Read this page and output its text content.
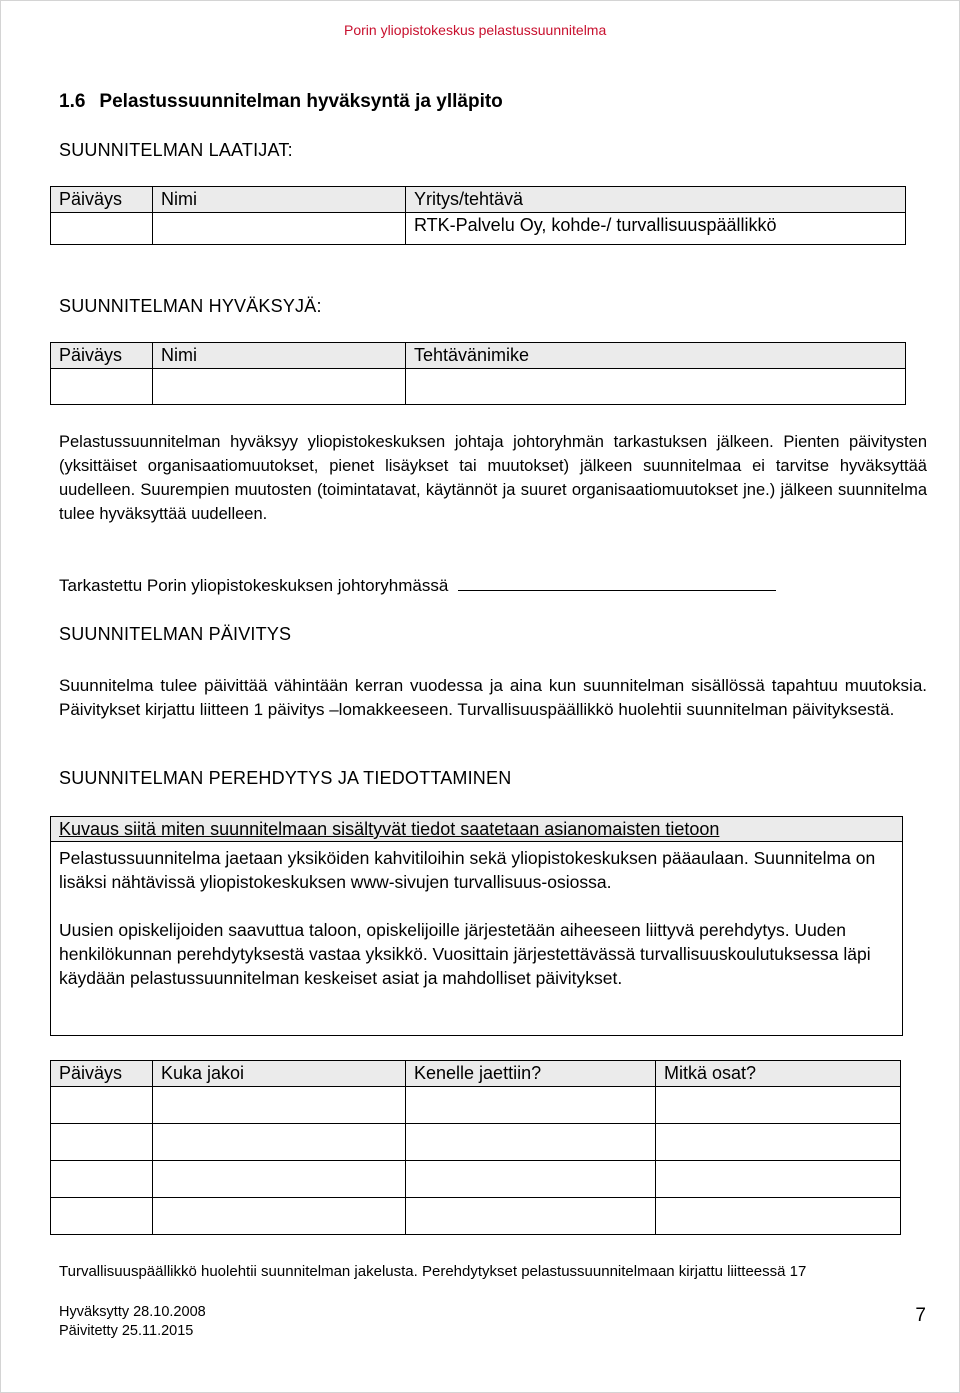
Porin yliopistokeskus pelastussuunnitelma
1.6 Pelastussuunnitelman hyväksyntä ja ylläpito
SUUNNITELMAN LAATIJAT:
Päiväys	Nimi	Yritys/tehtävä
		RTK-Palvelu Oy, kohde-/ turvallisuuspäällikkö
SUUNNITELMAN HYVÄKSYJÄ:
Päiväys	Nimi	Tehtävänimike

Pelastussuunnitelman hyväksyy yliopistokeskuksen johtaja johtoryhmän tarkastuksen jälkeen. Pienten päivitysten (yksittäiset organisaatiomuutokset, pienet lisäykset tai muutokset) jälkeen suunnitelmaa ei tarvitse hyväksyttää uudelleen. Suurempien muutosten (toimintatavat, käytännöt ja suuret organisaatiomuutokset jne.) jälkeen suunnitelma tulee hyväksyttää uudelleen.
Tarkastettu Porin yliopistokeskuksen johtoryhmässä
SUUNNITELMAN PÄIVITYS
Suunnitelma tulee päivittää vähintään kerran vuodessa ja aina kun suunnitelman sisällössä tapahtuu muutoksia. Päivitykset kirjattu liitteen 1 päivitys –lomakkeeseen. Turvallisuuspäällikkö huolehtii suunnitelman päivityksestä.
SUUNNITELMAN PEREHDYTYS JA TIEDOTTAMINEN
Kuvaus siitä miten suunnitelmaan sisältyvät tiedot saatetaan asianomaisten tietoon

Pelastussuunnitelma jaetaan yksiköiden kahvitiloihin sekä yliopistokeskuksen pääaulaan. Suunnitelma on lisäksi nähtävissä yliopistokeskuksen www-sivujen turvallisuus-osiossa.

Uusien opiskelijoiden saavuttua taloon, opiskelijoille järjestetään aiheeseen liittyvä perehdytys. Uuden henkilökunnan perehdytyksestä vastaa yksikkö. Vuosittain järjestettävässä turvallisuuskoulutuksessa läpi käydään pelastussuunnitelman keskeiset asiat ja mahdolliset päivitykset.

Päiväys	Kuka jakoi	Kenelle jaettiin?	Mitkä osat?

Turvallisuuspäällikkö huolehtii suunnitelman jakelusta. Perehdytykset pelastussuunnitelmaan kirjattu liitteessä 17
Hyväksytty 28.10.2008
Päivitetty 25.11.2015
7
